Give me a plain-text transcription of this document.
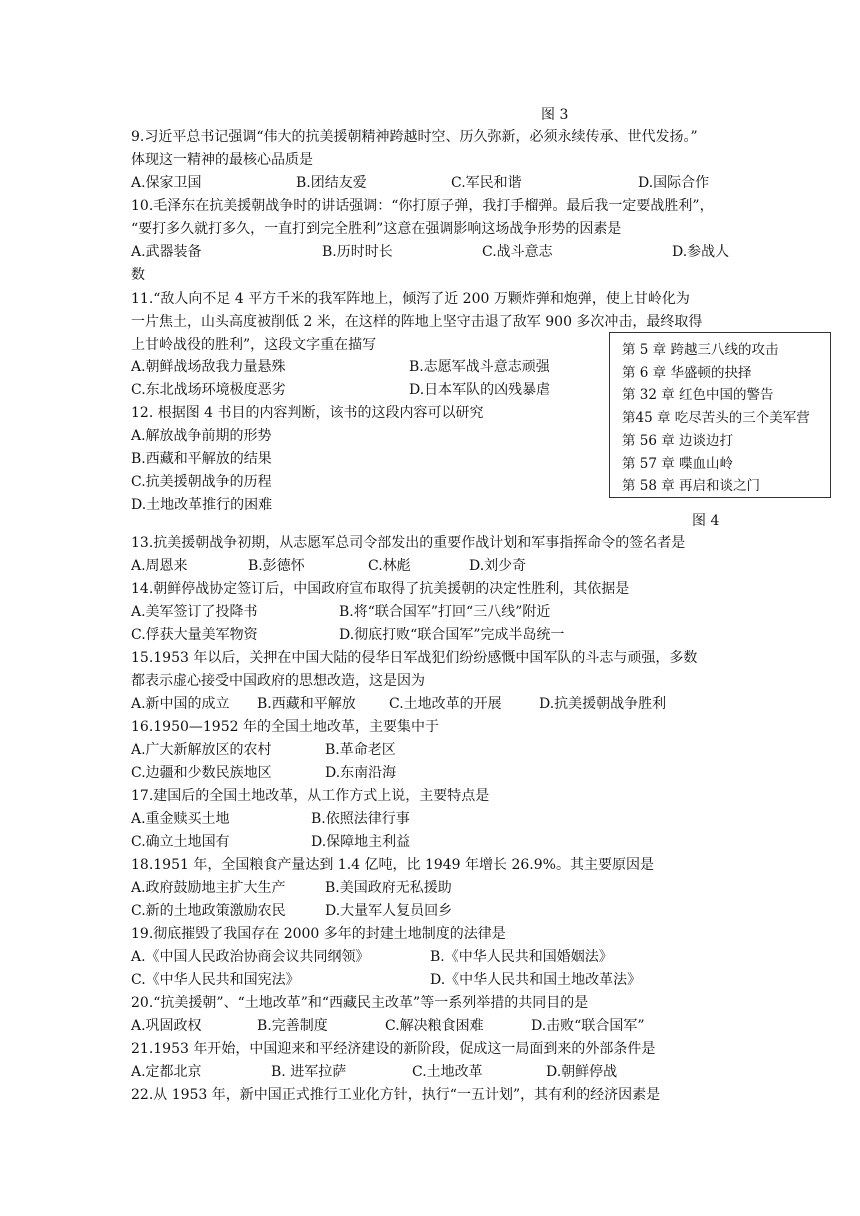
图 3
9.习近平总书记强调“伟大的抗美援朝精神跨越时空、历久弥新，必须永续传承、世代发扬。”
体现这一精神的最核心品质是
A.保家卫国	B.团结友爱	C.军民和谐	D.国际合作
10.毛泽东在抗美援朝战争时的讲话强调：“你打原子弹，我打手榴弹。最后我一定要战胜利”，
“要打多久就打多久，一直打到完全胜利”这意在强调影响这场战争形势的因素是
A.武器装备	B.历时时长	C.战斗意志	D.参战人
数
11.“敌人向不足 4 平方千米的我军阵地上，倾泻了近 200 万颗炸弹和炮弹，使上甘岭化为
一片焦土，山头高度被削低 2 米，在这样的阵地上坚守击退了敌军 900 多次冲击，最终取得
上甘岭战役的胜利”，这段文字重在描写
A.朝鲜战场敌我力量悬殊	B.志愿军战斗意志顽强
C.东北战场环境极度恶劣	D.日本军队的凶残暴虐
12. 根据图 4 书目的内容判断，该书的这段内容可以研究
A.解放战争前期的形势
B.西藏和平解放的结果
C.抗美援朝战争的历程
D.土地改革推行的困难
第 5 章 跨越三八线的攻击
第 6 章 华盛顿的抉择
第 32 章 红色中国的警告
第45 章 吃尽苦头的三个美军营
第 56 章 边谈边打
第 57 章 喋血山岭
第 58 章 再启和谈之门
图 4
13.抗美援朝战争初期，从志愿军总司令部发出的重要作战计划和军事指挥命令的签名者是
A.周恩来	B.彭德怀	C.林彪	D.刘少奇
14.朝鲜停战协定签订后，中国政府宣布取得了抗美援朝的决定性胜利，其依据是
A.美军签订了投降书	B.将“联合国军”打回“三八线”附近
C.俘获大量美军物资	D.彻底打败“联合国军”完成半岛统一
15.1953 年以后，关押在中国大陆的侵华日军战犯们纷纷感慨中国军队的斗志与顽强，多数
都表示虚心接受中国政府的思想改造，这是因为
A.新中国的成立 B.西藏和平解放 C.土地改革的开展	D.抗美援朝战争胜利
16.1950—1952 年的全国土地改革，主要集中于
A.广大新解放区的农村	B.革命老区
C.边疆和少数民族地区	D.东南沿海
17.建国后的全国土地改革，从工作方式上说，主要特点是
A.重金赎买土地	B.依照法律行事
C.确立土地国有	D.保障地主利益
18.1951 年，全国粮食产量达到 1.4 亿吨，比 1949 年增长 26.9%。其主要原因是
A.政府鼓励地主扩大生产	B.美国政府无私援助
C.新的土地政策激励农民	D.大量军人复员回乡
19.彻底摧毁了我国存在 2000 多年的封建土地制度的法律是
A.《中国人民政治协商会议共同纲领》	B.《中华人民共和国婚姻法》
C.《中华人民共和国宪法》	D.《中华人民共和国土地改革法》
20.“抗美援朝”、“土地改革”和“西藏民主改革”等一系列举措的共同目的是
A.巩固政权	B.完善制度	C.解决粮食困难	D.击败“联合国军”
21.1953 年开始，中国迎来和平经济建设的新阶段，促成这一局面到来的外部条件是
A.定都北京	B. 进军拉萨	C.土地改革	D.朝鲜停战
22.从 1953 年，新中国正式推行工业化方针，执行“一五计划”，其有利的经济因素是
